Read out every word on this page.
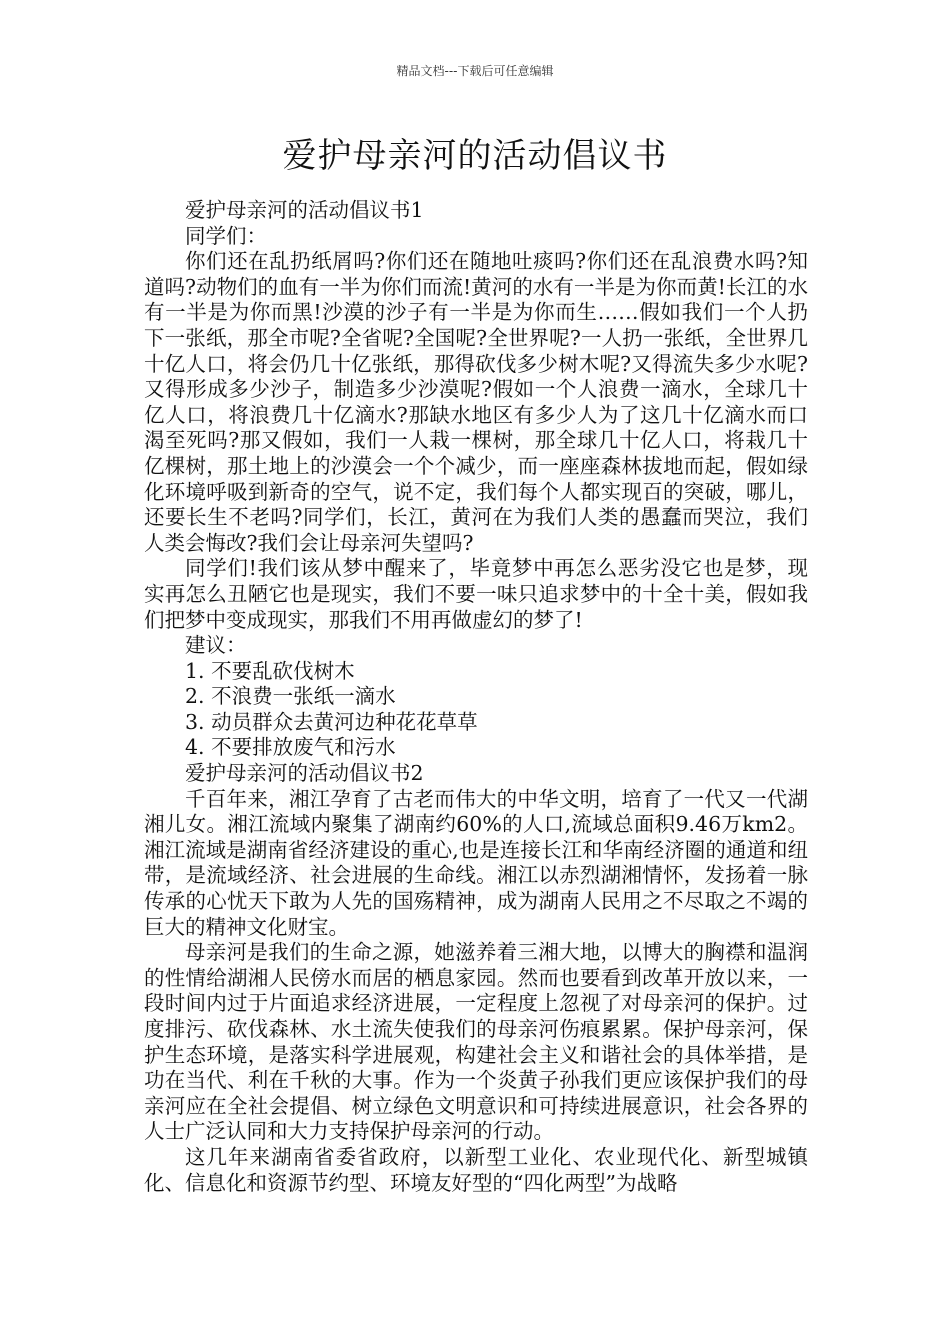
精品文档---下载后可任意编辑
爱护母亲河的活动倡议书

爱护母亲河的活动倡议书1

同学们：

你们还在乱扔纸屑吗?你们还在随地吐痰吗?你们还在乱浪费水吗?知道吗?动物们的血有一半为你们而流!黄河的水有一半是为你而黄!长江的水有一半是为你而黑!沙漠的沙子有一半是为你而生……假如我们一个人扔下一张纸，那全市呢?全省呢?全国呢?全世界呢?一人扔一张纸，全世界几十亿人口，将会仍几十亿张纸，那得砍伐多少树木呢?又得流失多少水呢?又得形成多少沙子，制造多少沙漠呢?假如一个人浪费一滴水，全球几十亿人口，将浪费几十亿滴水?那缺水地区有多少人为了这几十亿滴水而口渴至死吗?那又假如，我们一人栽一棵树，那全球几十亿人口，将栽几十亿棵树，那土地上的沙漠会一个个减少，而一座座森林拔地而起，假如绿化环境呼吸到新奇的空气，说不定，我们每个人都实现百的突破，哪儿，还要长生不老吗?同学们，长江，黄河在为我们人类的愚蠢而哭泣，我们人类会悔改?我们会让母亲河失望吗?

同学们!我们该从梦中醒来了，毕竟梦中再怎么恶劣没它也是梦，现实再怎么丑陋它也是现实，我们不要一味只追求梦中的十全十美，假如我们把梦中变成现实，那我们不用再做虚幻的梦了!

建议：

1. 不要乱砍伐树木

2. 不浪费一张纸一滴水

3. 动员群众去黄河边种花花草草

4. 不要排放废气和污水

爱护母亲河的活动倡议书2

千百年来，湘江孕育了古老而伟大的中华文明，培育了一代又一代湖湘儿女。湘江流域内聚集了湖南约60%的人口,流域总面积9.46万km2。湘江流域是湖南省经济建设的重心,也是连接长江和华南经济圈的通道和纽带，是流域经济、社会进展的生命线。湘江以赤烈湖湘情怀，发扬着一脉传承的心忧天下敢为人先的国殇精神，成为湖南人民用之不尽取之不竭的巨大的精神文化财宝。

母亲河是我们的生命之源，她滋养着三湘大地，以博大的胸襟和温润的性情给湖湘人民傍水而居的栖息家园。然而也要看到改革开放以来，一段时间内过于片面追求经济进展，一定程度上忽视了对母亲河的保护。过度排污、砍伐森林、水土流失使我们的母亲河伤痕累累。保护母亲河，保护生态环境，是落实科学进展观，构建社会主义和谐社会的具体举措，是功在当代、利在千秋的大事。作为一个炎黄子孙我们更应该保护我们的母亲河应在全社会提倡、树立绿色文明意识和可持续进展意识，社会各界的人士广泛认同和大力支持保护母亲河的行动。

这几年来湖南省委省政府，以新型工业化、农业现代化、新型城镇化、信息化和资源节约型、环境友好型的“四化两型”为战略
